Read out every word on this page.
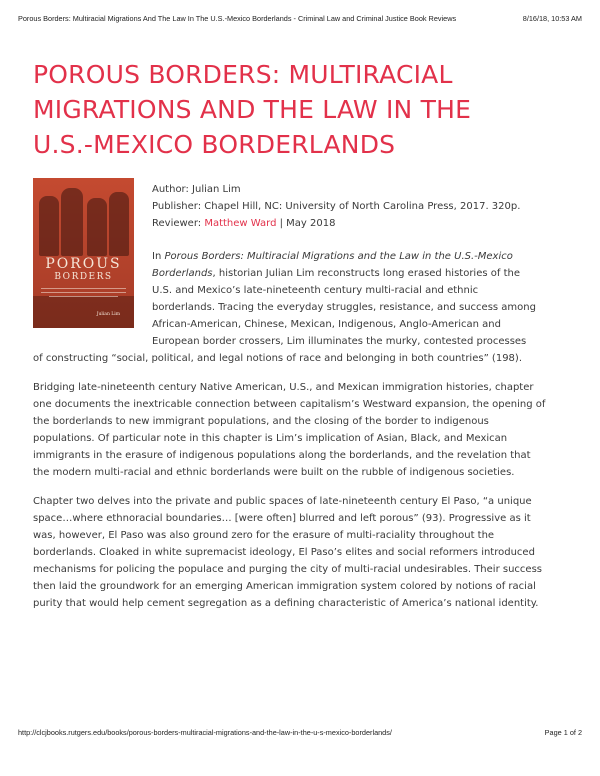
Porous Borders: Multiracial Migrations And The Law In The U.S.-Mexico Borderlands - Criminal Law and Criminal Justice Book Reviews	8/16/18, 10:53 AM
POROUS BORDERS: MULTIRACIAL
MIGRATIONS AND THE LAW IN THE
U.S.-MEXICO BORDERLANDS
POROUS
BORDERS
Julian Lim
Author: Julian Lim
Publisher: Chapel Hill, NC: University of North Carolina Press, 2017. 320p.
Reviewer: Matthew Ward | May 2018

In Porous Borders: Multiracial Migrations and the Law in the U.S.-Mexico
Borderlands, historian Julian Lim reconstructs long erased histories of the
U.S. and Mexico’s late-nineteenth century multi-racial and ethnic
borderlands. Tracing the everyday struggles, resistance, and success among
African-American, Chinese, Mexican, Indigenous, Anglo-American and
European border crossers, Lim illuminates the murky, contested processes

of constructing “social, political, and legal notions of race and belonging in both countries” (198).

Bridging late-nineteenth century Native American, U.S., and Mexican immigration histories, chapter
one documents the inextricable connection between capitalism’s Westward expansion, the opening of
the borderlands to new immigrant populations, and the closing of the border to indigenous
populations. Of particular note in this chapter is Lim’s implication of Asian, Black, and Mexican
immigrants in the erasure of indigenous populations along the borderlands, and the revelation that
the modern multi-racial and ethnic borderlands were built on the rubble of indigenous societies.

Chapter two delves into the private and public spaces of late-nineteenth century El Paso, “a unique
space…where ethnoracial boundaries… [were often] blurred and left porous” (93). Progressive as it
was, however, El Paso was also ground zero for the erasure of multi-raciality throughout the
borderlands. Cloaked in white supremacist ideology, El Paso’s elites and social reformers introduced
mechanisms for policing the populace and purging the city of multi-racial undesirables. Their success
then laid the groundwork for an emerging American immigration system colored by notions of racial
purity that would help cement segregation as a defining characteristic of America’s national identity.

http://clcjbooks.rutgers.edu/books/porous-borders-multiracial-migrations-and-the-law-in-the-u-s-mexico-borderlands/	Page 1 of 2
